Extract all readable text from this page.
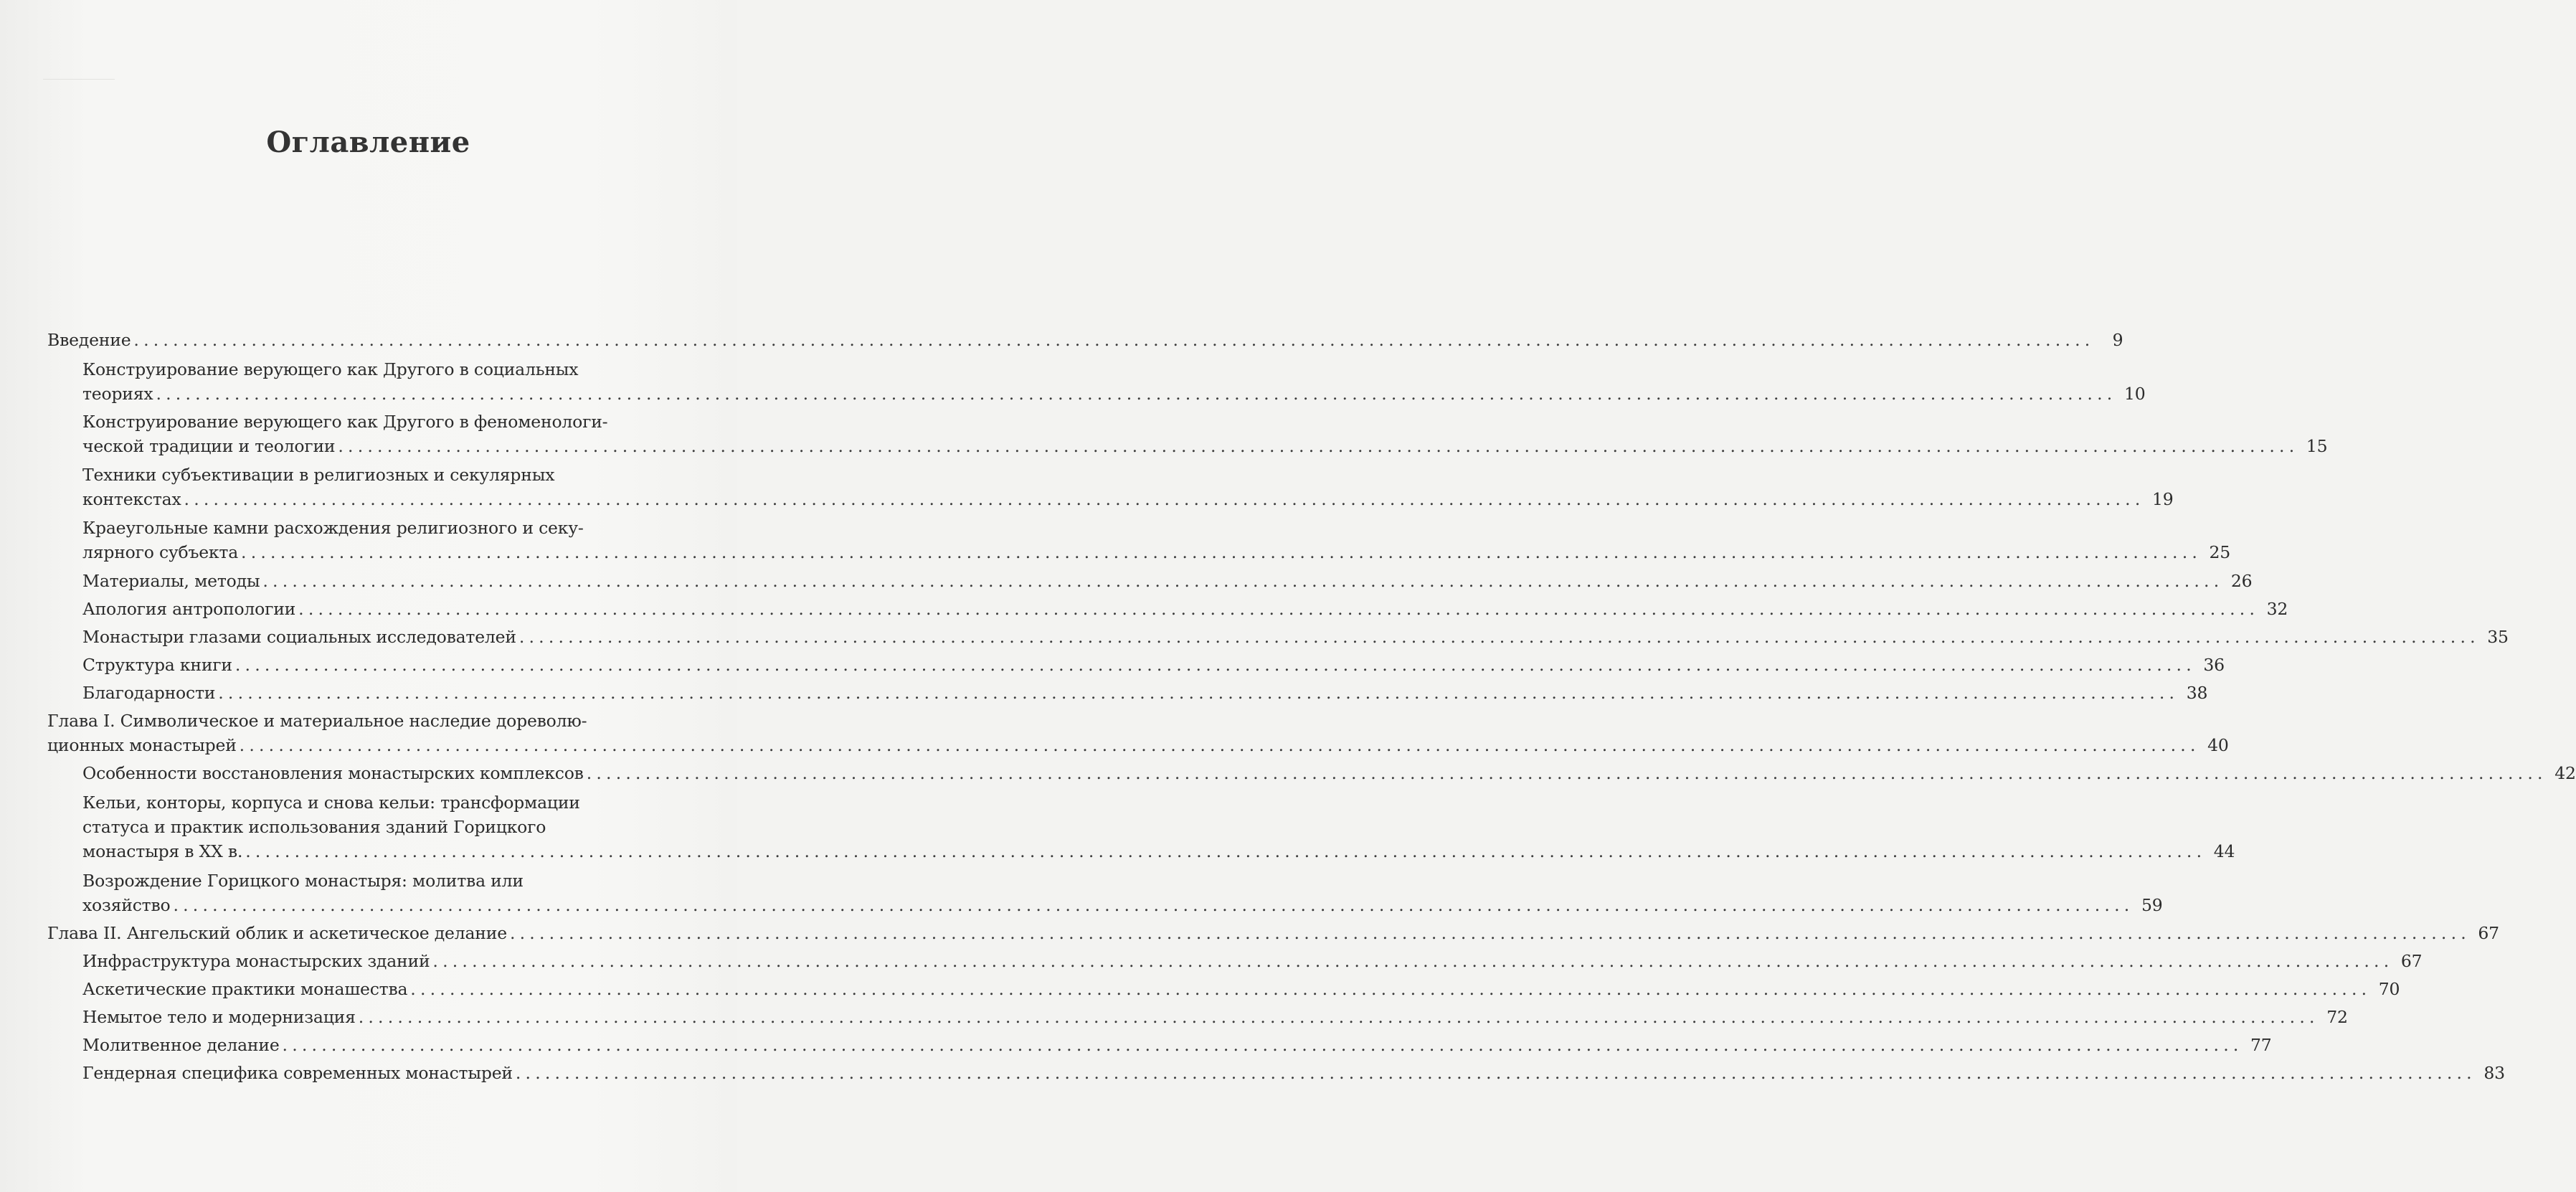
Оглавление
Введение ........................................................................................................................................................................................................	9
Конструирование верующего как Другого в социальных
теориях ........................................................................................................................................................................................................ 10
Конструирование верующего как Другого в феноменологи-
ческой традиции и теологии ........................................................................................................................................................................................................ 15
Техники субъективации в религиозных и секулярных
контекстах ........................................................................................................................................................................................................ 19
Краеугольные камни расхождения религиозного и секу-
лярного субъекта ........................................................................................................................................................................................................ 25
Материалы, методы ........................................................................................................................................................................................................ 26
Апология антропологии ........................................................................................................................................................................................................ 32
Монастыри глазами социальных исследователей ........................................................................................................................................................................................................ 35
Структура книги ........................................................................................................................................................................................................ 36
Благодарности ........................................................................................................................................................................................................ 38
Глава I. Символическое и материальное наследие дореволю-
ционных монастырей ........................................................................................................................................................................................................ 40
Особенности восстановления монастырских комплексов ........................................................................................................................................................................................................ 42
Кельи, конторы, корпуса и снова кельи: трансформации
статуса и практик использования зданий Горицкого
монастыря в XX в. ........................................................................................................................................................................................................ 44
Возрождение Горицкого монастыря: молитва или
хозяйство ........................................................................................................................................................................................................ 59
Глава II. Ангельский облик и аскетическое делание ........................................................................................................................................................................................................ 67
Инфраструктура монастырских зданий ........................................................................................................................................................................................................ 67
Аскетические практики монашества ........................................................................................................................................................................................................ 70
Немытое тело и модернизация ........................................................................................................................................................................................................ 72
Молитвенное делание ........................................................................................................................................................................................................ 77
Гендерная специфика современных монастырей ........................................................................................................................................................................................................ 83
